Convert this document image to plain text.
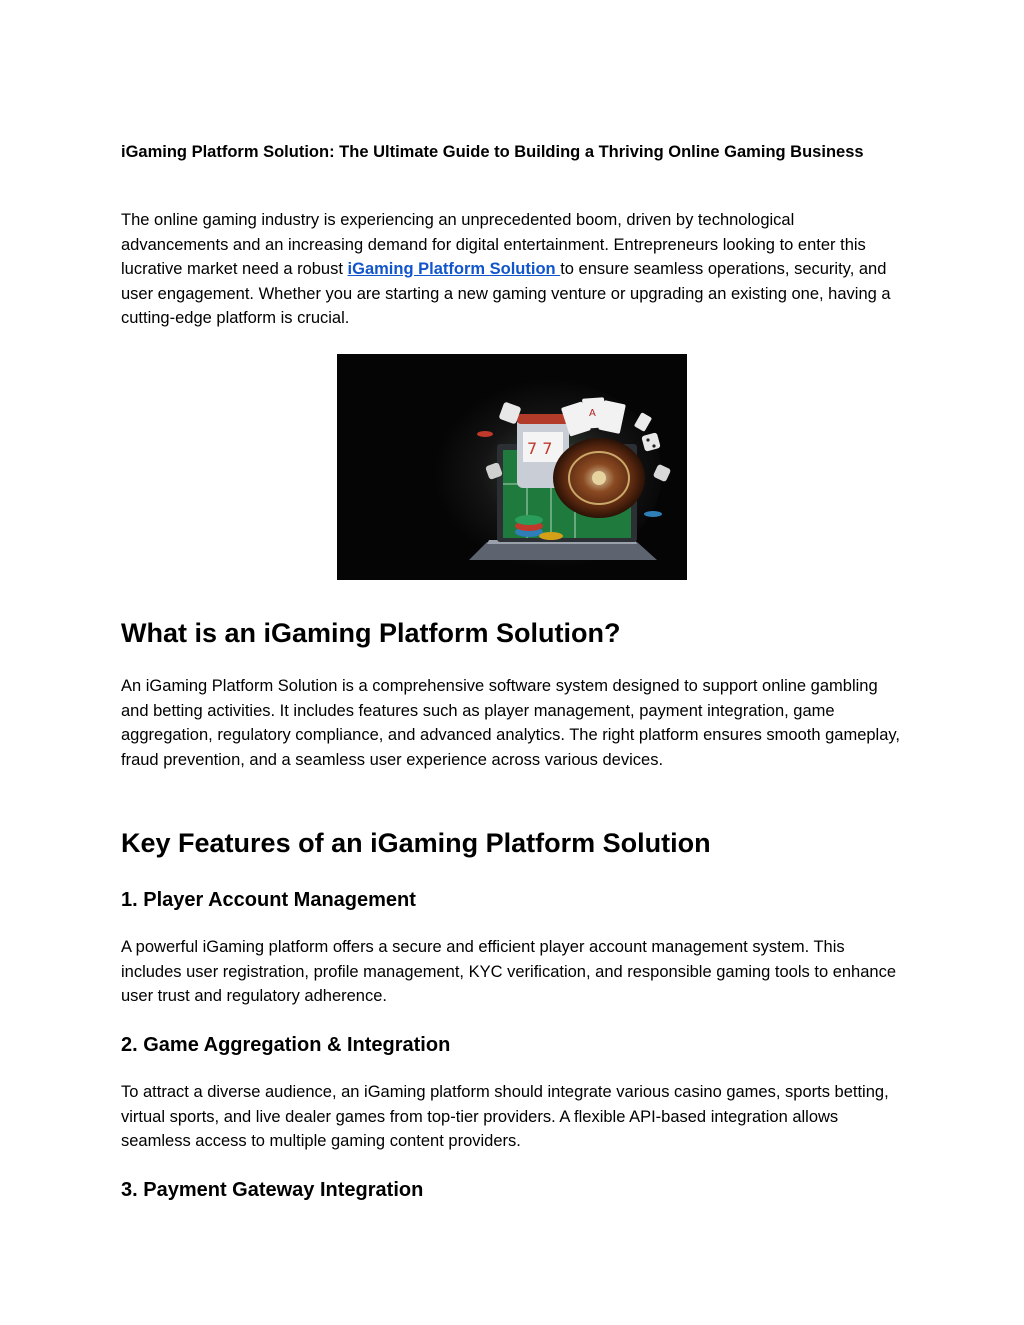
iGaming Platform Solution: The Ultimate Guide to Building a Thriving Online Gaming Business

The online gaming industry is experiencing an unprecedented boom, driven by technological advancements and an increasing demand for digital entertainment. Entrepreneurs looking to enter this lucrative market need a robust iGaming Platform Solution to ensure seamless operations, security, and user engagement. Whether you are starting a new gaming venture or upgrading an existing one, having a cutting-edge platform is crucial.

7 7
A
What is an iGaming Platform Solution?

An iGaming Platform Solution is a comprehensive software system designed to support online gambling and betting activities. It includes features such as player management, payment integration, game aggregation, regulatory compliance, and advanced analytics. The right platform ensures smooth gameplay, fraud prevention, and a seamless user experience across various devices.

Key Features of an iGaming Platform Solution
1. Player Account Management

A powerful iGaming platform offers a secure and efficient player account management system. This includes user registration, profile management, KYC verification, and responsible gaming tools to enhance user trust and regulatory adherence.

2. Game Aggregation & Integration

To attract a diverse audience, an iGaming platform should integrate various casino games, sports betting, virtual sports, and live dealer games from top-tier providers. A flexible API-based integration allows seamless access to multiple gaming content providers.

3. Payment Gateway Integration
